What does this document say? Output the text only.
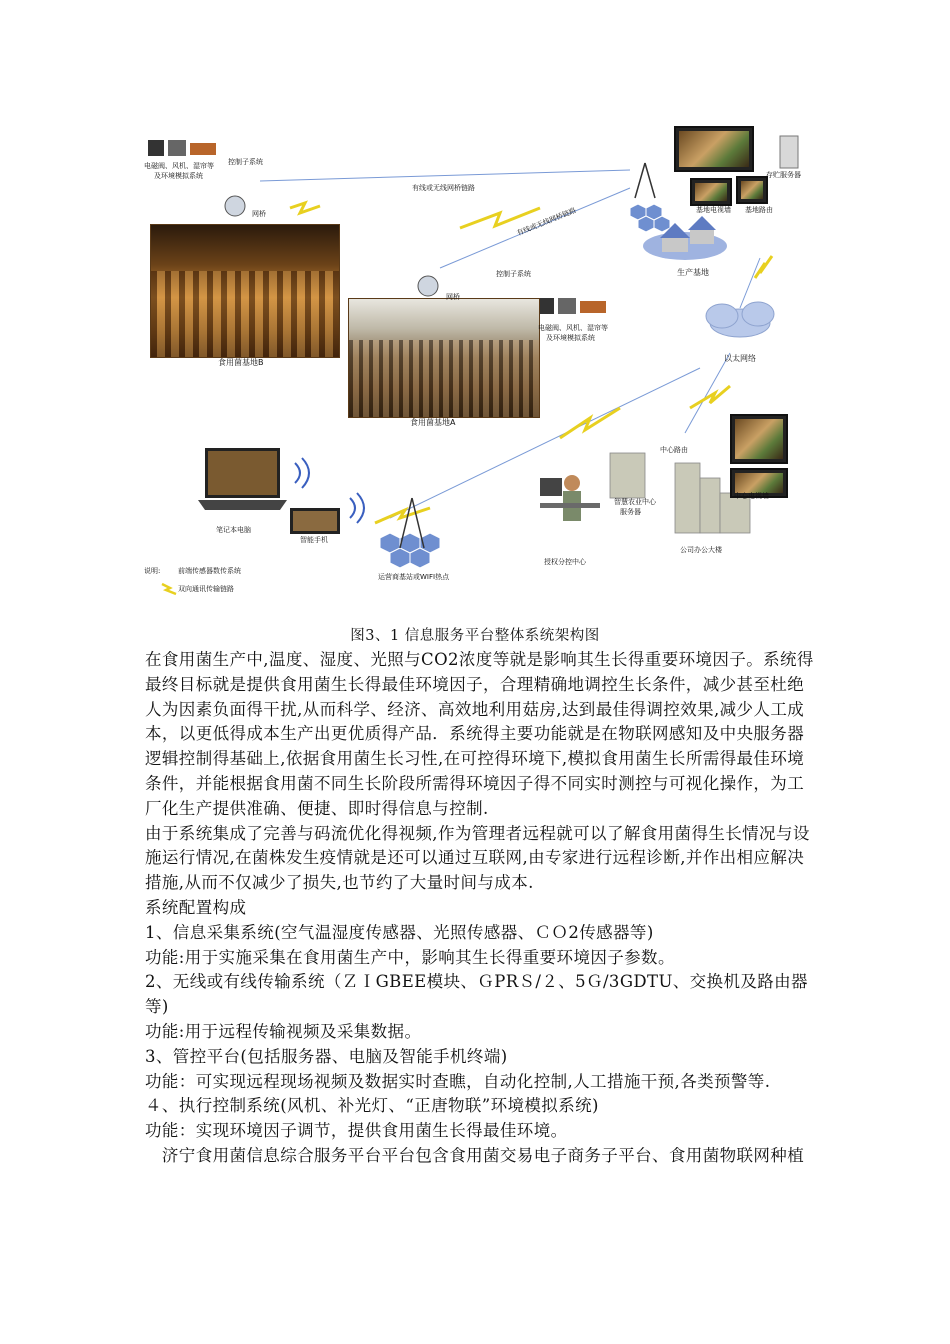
电磁阀、风机、湿帘等
及环境模拟系统
控制子系统
网桥
有线或无线网桥链路
有线或无线网桥链路	基地电视墙 基地路由
存贮服务器
生产基地
控制子系统
网桥
电磁阀、风机、湿帘等
及环境模拟系统
食用菌基地B
食用菌基地A
以太网络
中心路由
智慧农业中心
服务器
中心电视墙
笔记本电脑
智能手机
运营商基站或WIFI热点
授权分控中心
公司办公大楼
说明:	前端传感器数传系统
双向通讯传输链路
图3、1 信息服务平台整体系统架构图

在食用菌生产中,温度、湿度、光照与CO2浓度等就是影响其生长得重要环境因子。系统得最终目标就是提供食用菌生长得最佳环境因子，合理精确地调控生长条件，减少甚至杜绝人为因素负面得干扰,从而科学、经济、高效地利用菇房,达到最佳得调控效果,减少人工成本，以更低得成本生产出更优质得产品．系统得主要功能就是在物联网感知及中央服务器逻辑控制得基础上,依据食用菌生长习性,在可控得环境下,模拟食用菌生长所需得最佳环境条件，并能根据食用菌不同生长阶段所需得环境因子得不同实时测控与可视化操作，为工厂化生产提供准确、便捷、即时得信息与控制.

由于系统集成了完善与码流优化得视频,作为管理者远程就可以了解食用菌得生长情况与设施运行情况,在菌株发生疫情就是还可以通过互联网,由专家进行远程诊断,并作出相应解决措施,从而不仅减少了损失,也节约了大量时间与成本.

系统配置构成

1、信息采集系统(空气温湿度传感器、光照传感器、ＣＯ2传感器等)

功能:用于实施采集在食用菌生产中，影响其生长得重要环境因子参数。

2、无线或有线传输系统（ＺＩGBEE模块、ＧPRＳ/２、5Ｇ/3GDTU、交换机及路由器等)

功能:用于远程传输视频及采集数据。

3、管控平台(包括服务器、电脑及智能手机终端)

功能：可实现远程现场视频及数据实时查瞧，自动化控制,人工措施干预,各类预警等.

４、执行控制系统(风机、补光灯、“正唐物联”环境模拟系统)

功能：实现环境因子调节，提供食用菌生长得最佳环境。

　济宁食用菌信息综合服务平台平台包含食用菌交易电子商务子平台、食用菌物联网种植
